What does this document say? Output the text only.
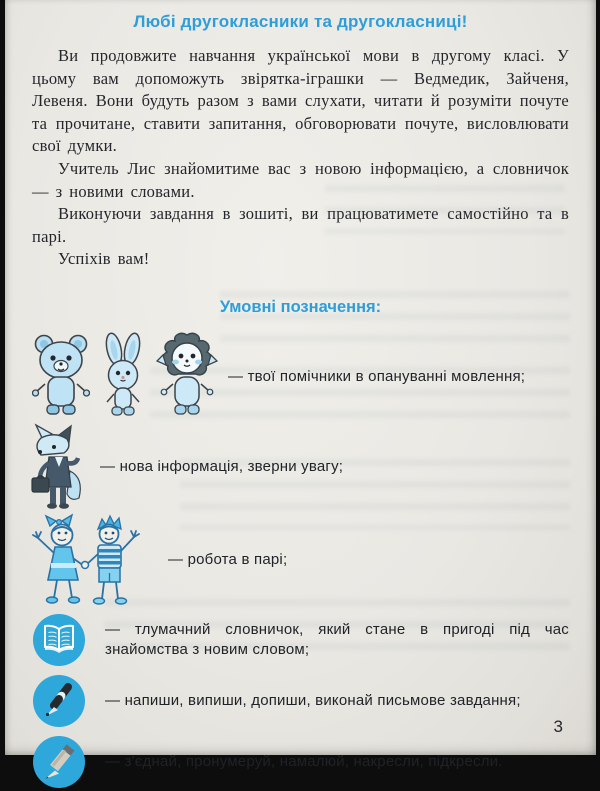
Любі другокласники та другокласниці!

Ви продовжите навчання української мови в другому класі. У цьому вам допоможуть звірятка-іграшки — Ведмедик, Зайченя, Левеня. Вони будуть разом з вами слухати, читати й розуміти почуте та прочитане, ставити запитання, обговорювати почуте, висловлювати свої думки.

Учитель Лис знайомитиме вас з новою інформацією, а словничок — з новими словами.

Виконуючи завдання в зошиті, ви працюватимете самостійно та в парі.

Успіхів вам!

Умовні позначення:
— твої помічники в опануванні мовлення;
— нова інформація, зверни увагу;
— робота в парі;
— тлумачний словничок, який стане в пригоді під час знайомства з новим словом;
— напиши, випиши, допиши, виконай письмове завдання;
— з'єднай, пронумеруй, намалюй, накресли, підкресли.
3
